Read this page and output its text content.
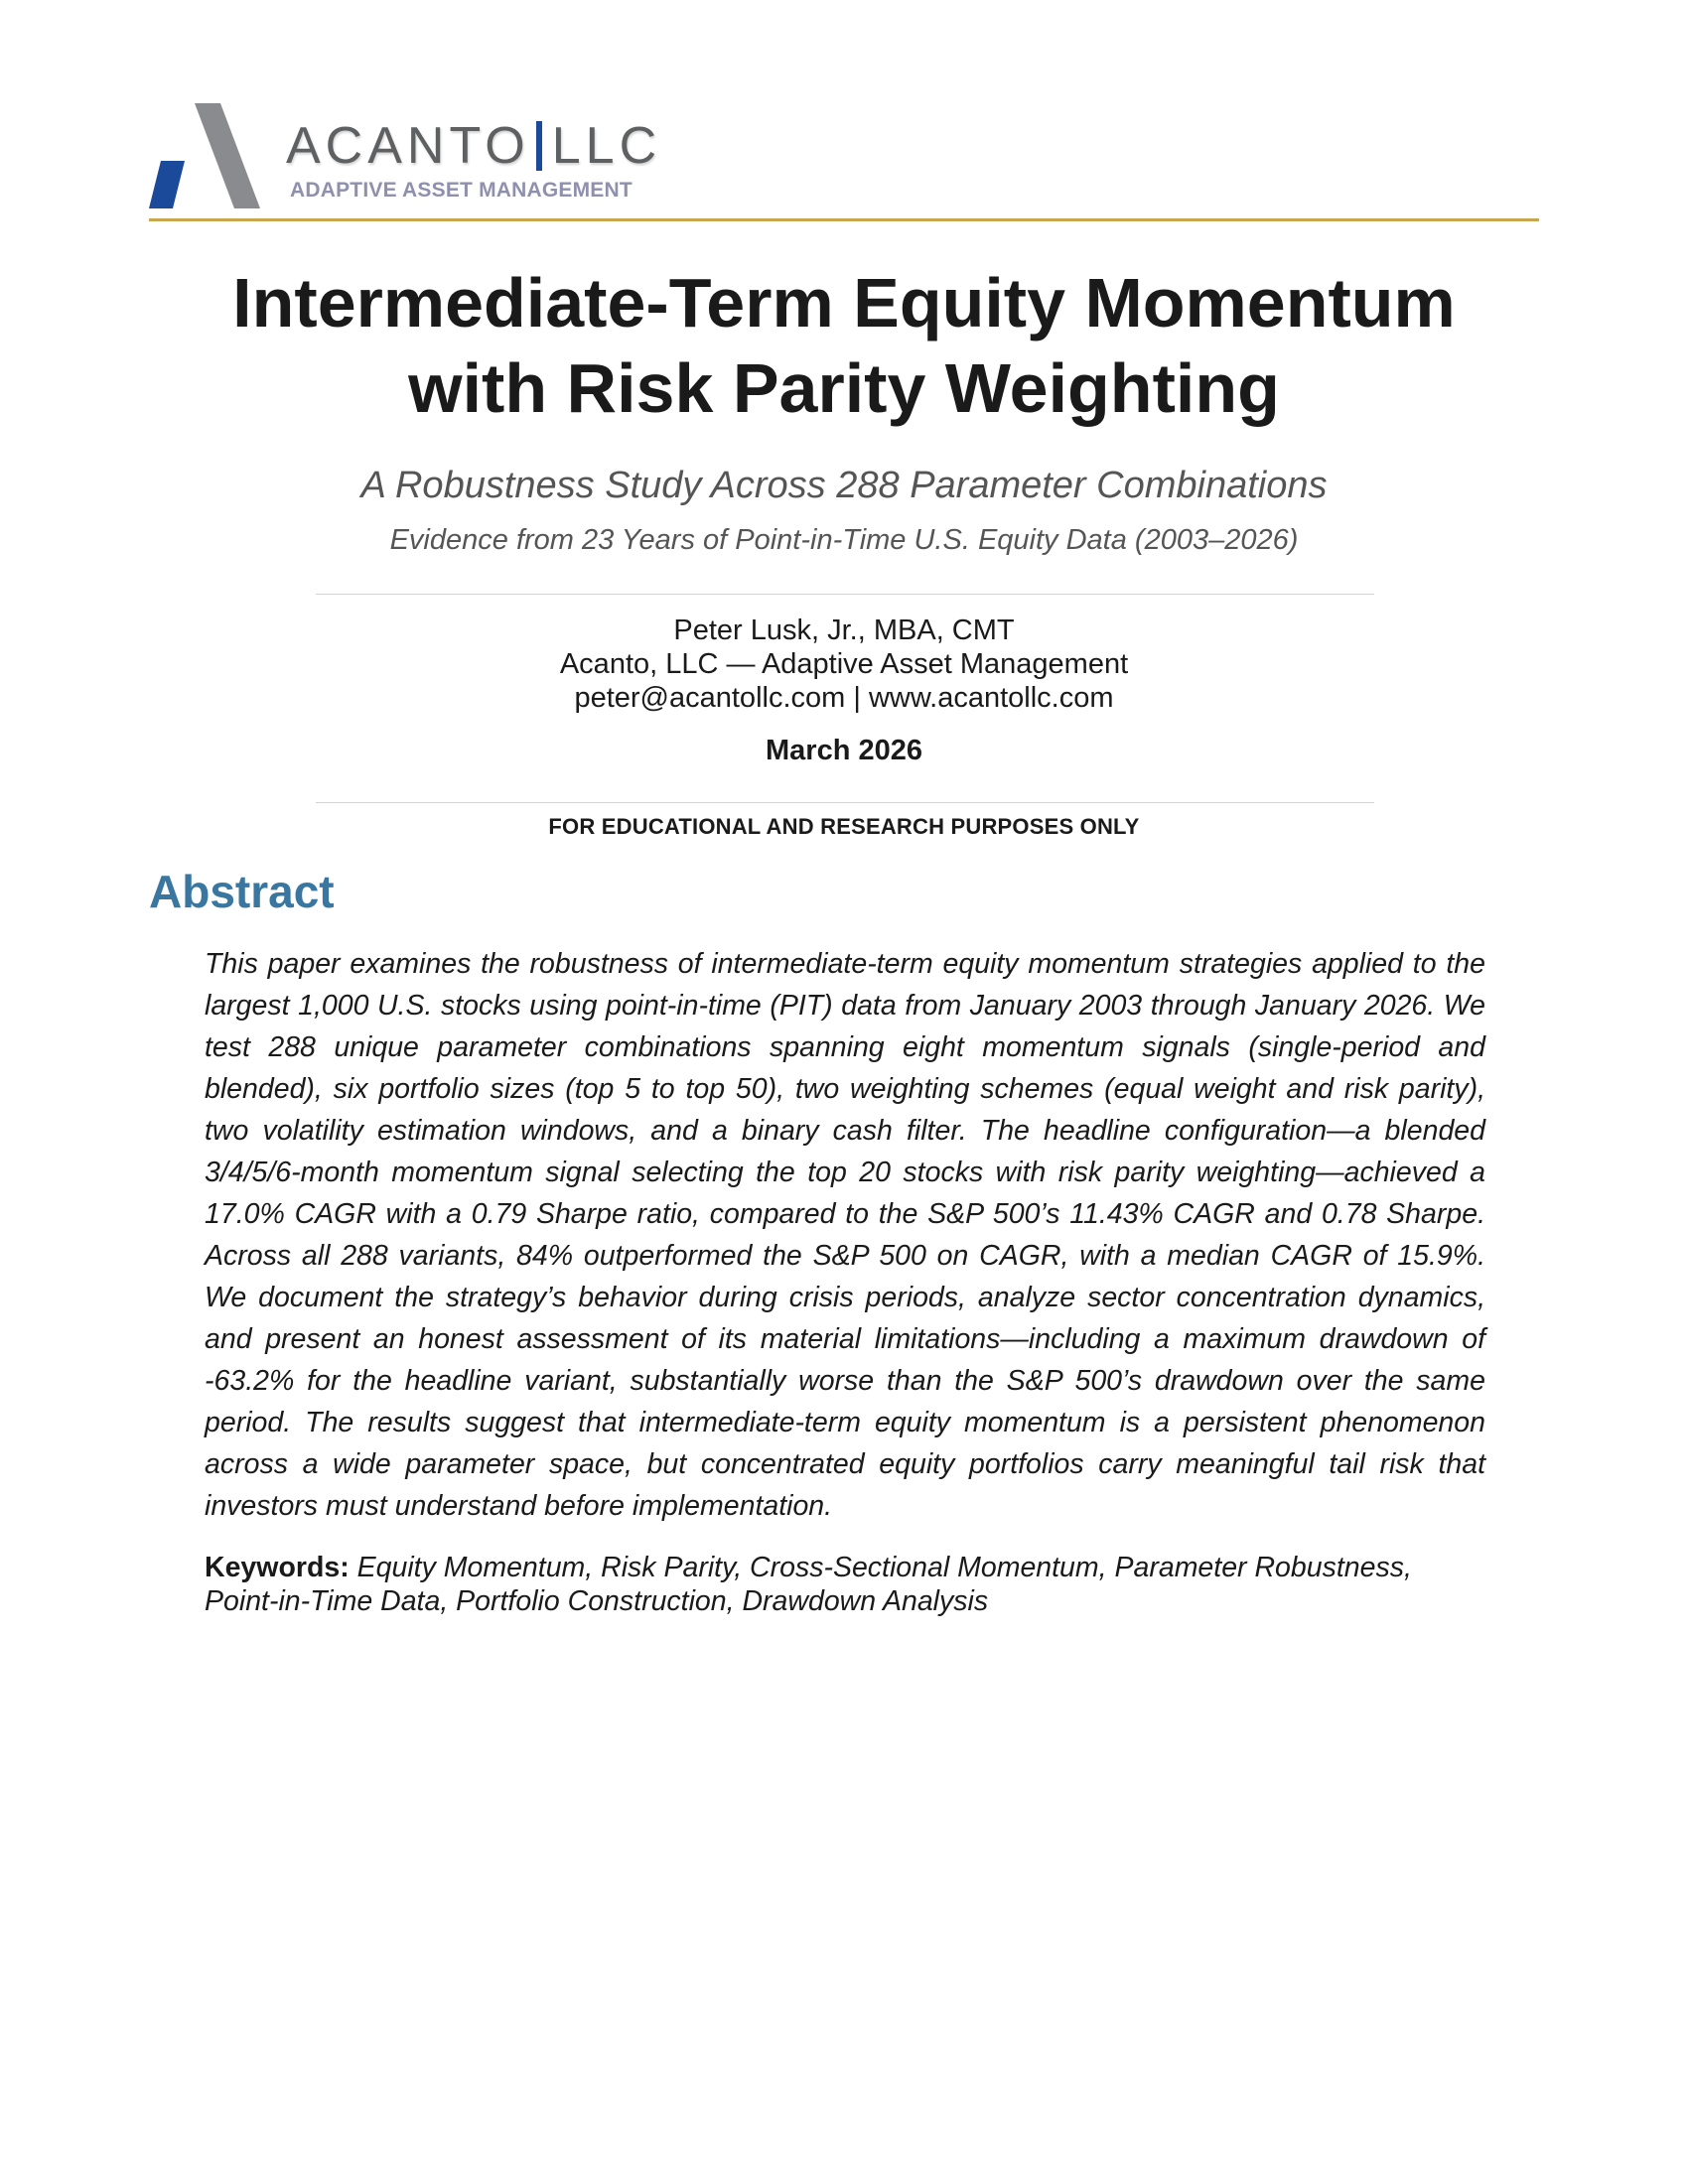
ACANTO LLC
ADAPTIVE ASSET MANAGEMENT
Intermediate-Term Equity Momentum
with Risk Parity Weighting
A Robustness Study Across 288 Parameter Combinations
Evidence from 23 Years of Point-in-Time U.S. Equity Data (2003–2026)
Peter Lusk, Jr., MBA, CMT
Acanto, LLC — Adaptive Asset Management
peter@acantollc.com | www.acantollc.com
March 2026
FOR EDUCATIONAL AND RESEARCH PURPOSES ONLY
Abstract

This paper examines the robustness of intermediate-term equity momentum strategies applied to the largest 1,000 U.S. stocks using point-in-time (PIT) data from January 2003 through January 2026. We test 288 unique parameter combinations spanning eight momentum signals (single-period and blended), six portfolio sizes (top 5 to top 50), two weighting schemes (equal weight and risk parity), two volatility estimation windows, and a binary cash filter. The headline configuration—a blended 3/4/5/6-month momentum signal selecting the top 20 stocks with risk parity weighting—achieved a 17.0% CAGR with a 0.79 Sharpe ratio, compared to the S&P 500’s 11.43% CAGR and 0.78 Sharpe. Across all 288 variants, 84% outperformed the S&P 500 on CAGR, with a median CAGR of 15.9%. We document the strategy’s behavior during crisis periods, analyze sector concentration dynamics, and present an honest assessment of its material limitations—including a maximum drawdown of -63.2% for the headline variant, substantially worse than the S&P 500’s drawdown over the same period. The results suggest that intermediate-term equity momentum is a persistent phenomenon across a wide parameter space, but concentrated equity portfolios carry meaningful tail risk that investors must understand before implementation.

Keywords: Equity Momentum, Risk Parity, Cross-Sectional Momentum, Parameter Robustness, Point-in-Time Data, Portfolio Construction, Drawdown Analysis
